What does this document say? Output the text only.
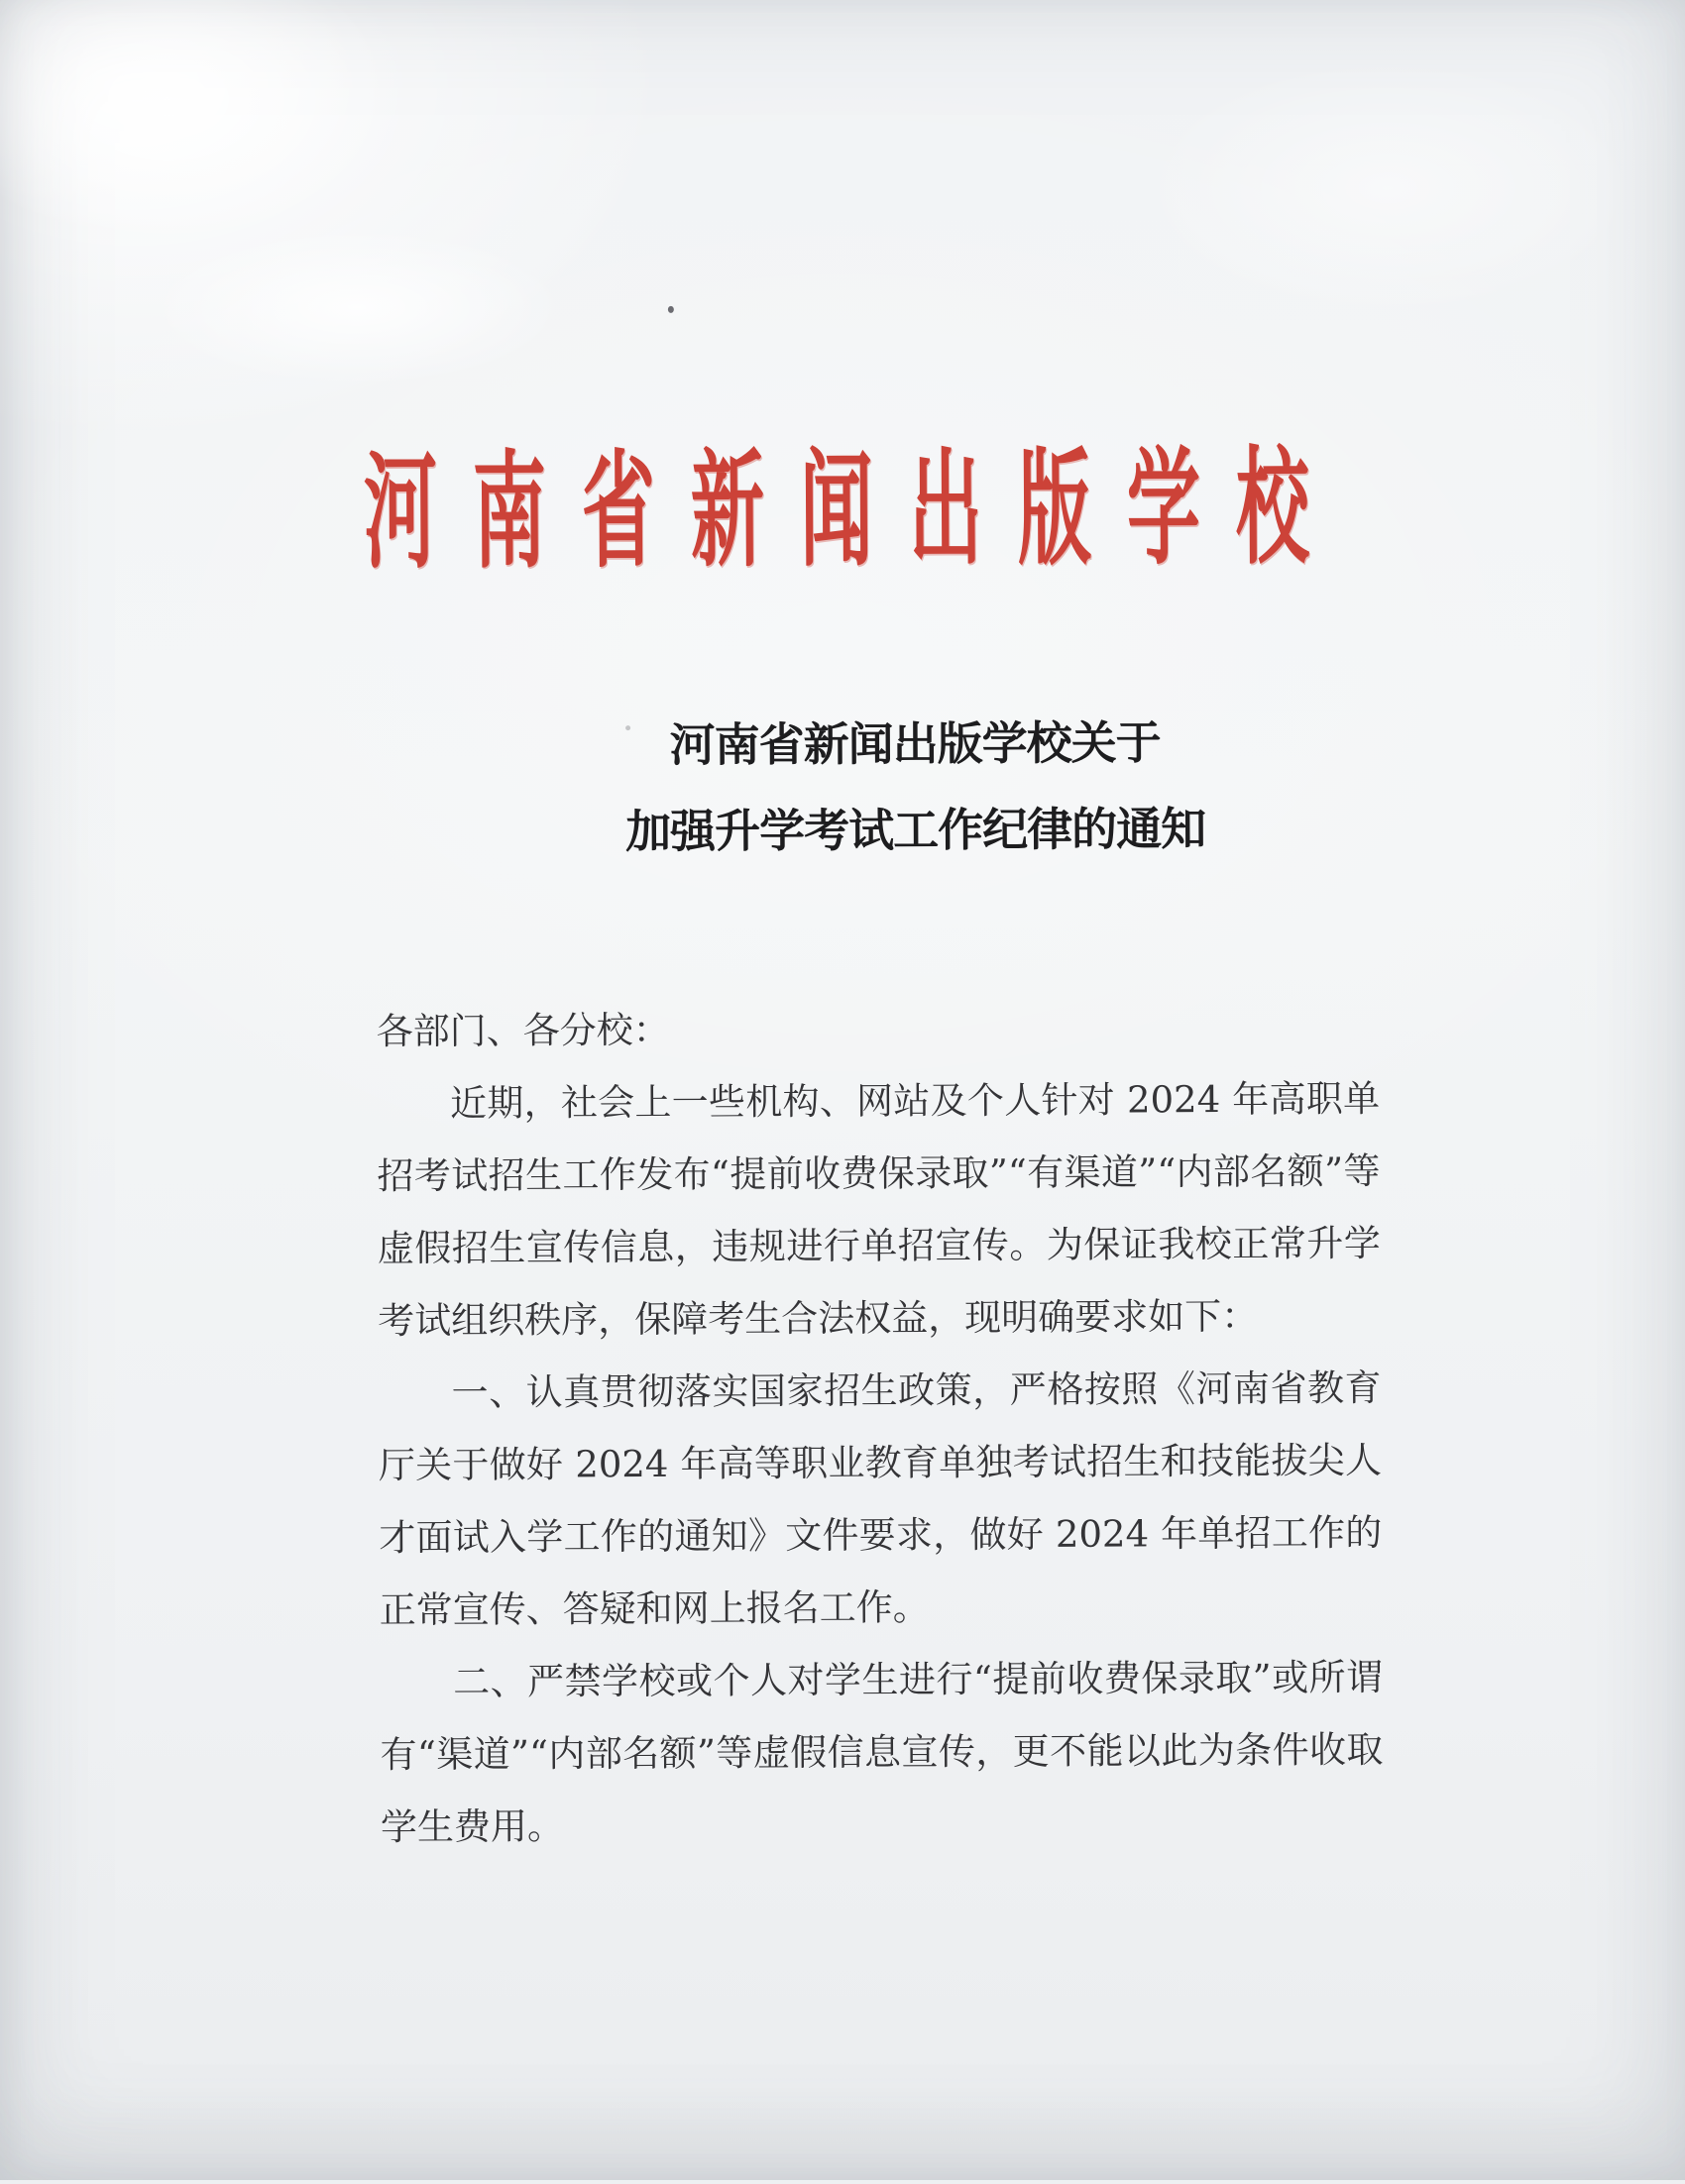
河南省新闻出版学校
河南省新闻出版学校关于
加强升学考试工作纪律的通知

各部门、各分校：

近期，社会上一些机构、网站及个人针对 2024 年高职单招考试招生工作发布“提前收费保录取”“有渠道”“内部名额”等虚假招生宣传信息，违规进行单招宣传。为保证我校正常升学考试组织秩序，保障考生合法权益，现明确要求如下：

一、认真贯彻落实国家招生政策，严格按照《河南省教育厅关于做好 2024 年高等职业教育单独考试招生和技能拔尖人才面试入学工作的通知》文件要求，做好 2024 年单招工作的正常宣传、答疑和网上报名工作。

二、严禁学校或个人对学生进行“提前收费保录取”或所谓有“渠道”“内部名额”等虚假信息宣传，更不能以此为条件收取学生费用。
